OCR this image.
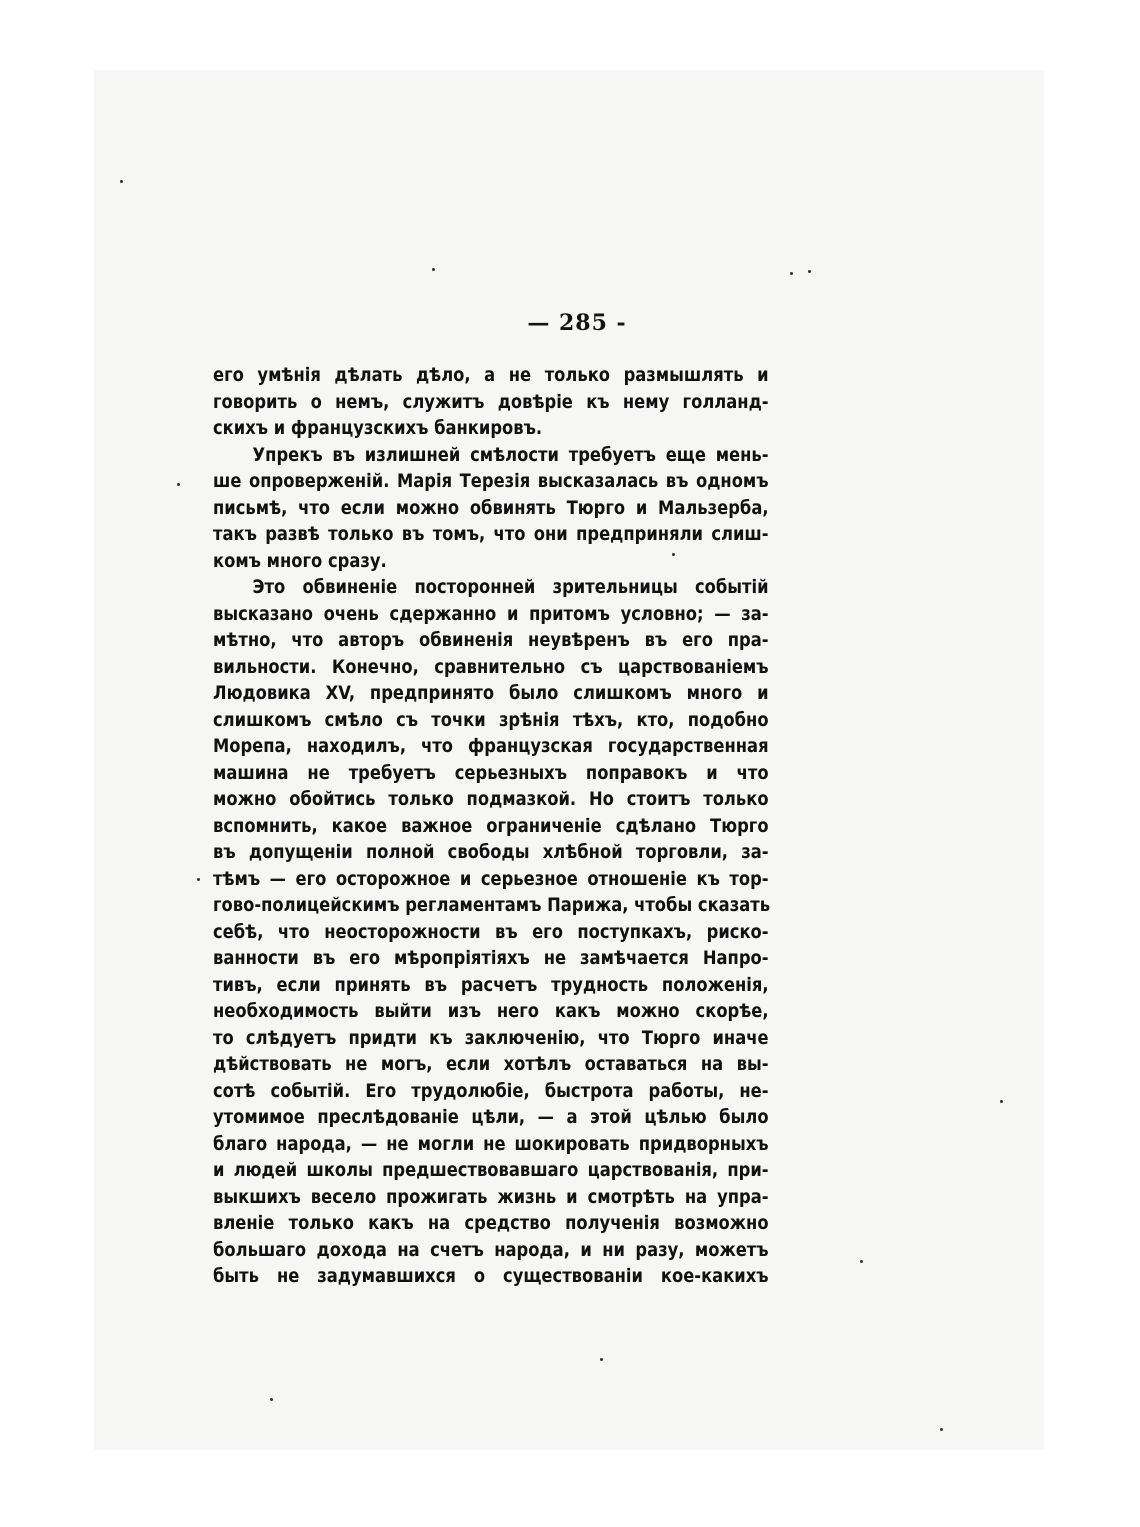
— 285 -
его умѣнія дѣлать дѣло, а не только размышлять и
говорить о немъ, служитъ довѣріе къ нему голланд-
скихъ и французскихъ банкировъ.
Упрекъ въ излишней смѣлости требуетъ еще мень-
ше опроверженій. Марія Терезія высказалась въ одномъ
письмѣ, что если можно обвинять Тюрго и Мальзерба,
такъ развѣ только въ томъ, что они предприняли слиш-
комъ много сразу.
Это обвиненіе посторонней зрительницы событій
высказано очень сдержанно и притомъ условно; — за-
мѣтно, что авторъ обвиненія неувѣренъ въ его пра-
вильности. Конечно, сравнительно съ царствованіемъ
Людовика XV, предпринято было слишкомъ много и
слишкомъ смѣло съ точки зрѣнія тѣхъ, кто, подобно
Морепа, находилъ, что французская государственная
машина не требуетъ серьезныхъ поправокъ и что
можно обойтись только подмазкой. Но стоитъ только
вспомнить, какое важное ограниченіе сдѣлано Тюрго
въ допущеніи полной свободы хлѣбной торговли, за-
тѣмъ — его осторожное и серьезное отношеніе къ тор-
гово-полицейскимъ регламентамъ Парижа, чтобы сказать
себѣ, что неосторожности въ его поступкахъ, риско-
ванности въ его мѣропріятіяхъ не замѣчается Напро-
тивъ, если принять въ расчетъ трудность положенія,
необходимость выйти изъ него какъ можно скорѣе,
то слѣдуетъ придти къ заключенію, что Тюрго иначе
дѣйствовать не могъ, если хотѣлъ оставаться на вы-
сотѣ событій. Его трудолюбіе, быстрота работы, не-
утомимое преслѣдованіе цѣли, — а этой цѣлью было
благо народа, — не могли не шокировать придворныхъ
и людей школы предшествовавшаго царствованія, при-
выкшихъ весело прожигать жизнь и смотрѣть на упра-
вленіе только какъ на средство полученія возможно
большаго дохода на счетъ народа, и ни разу, можетъ
быть не задумавшихся о существованіи кое-какихъ
